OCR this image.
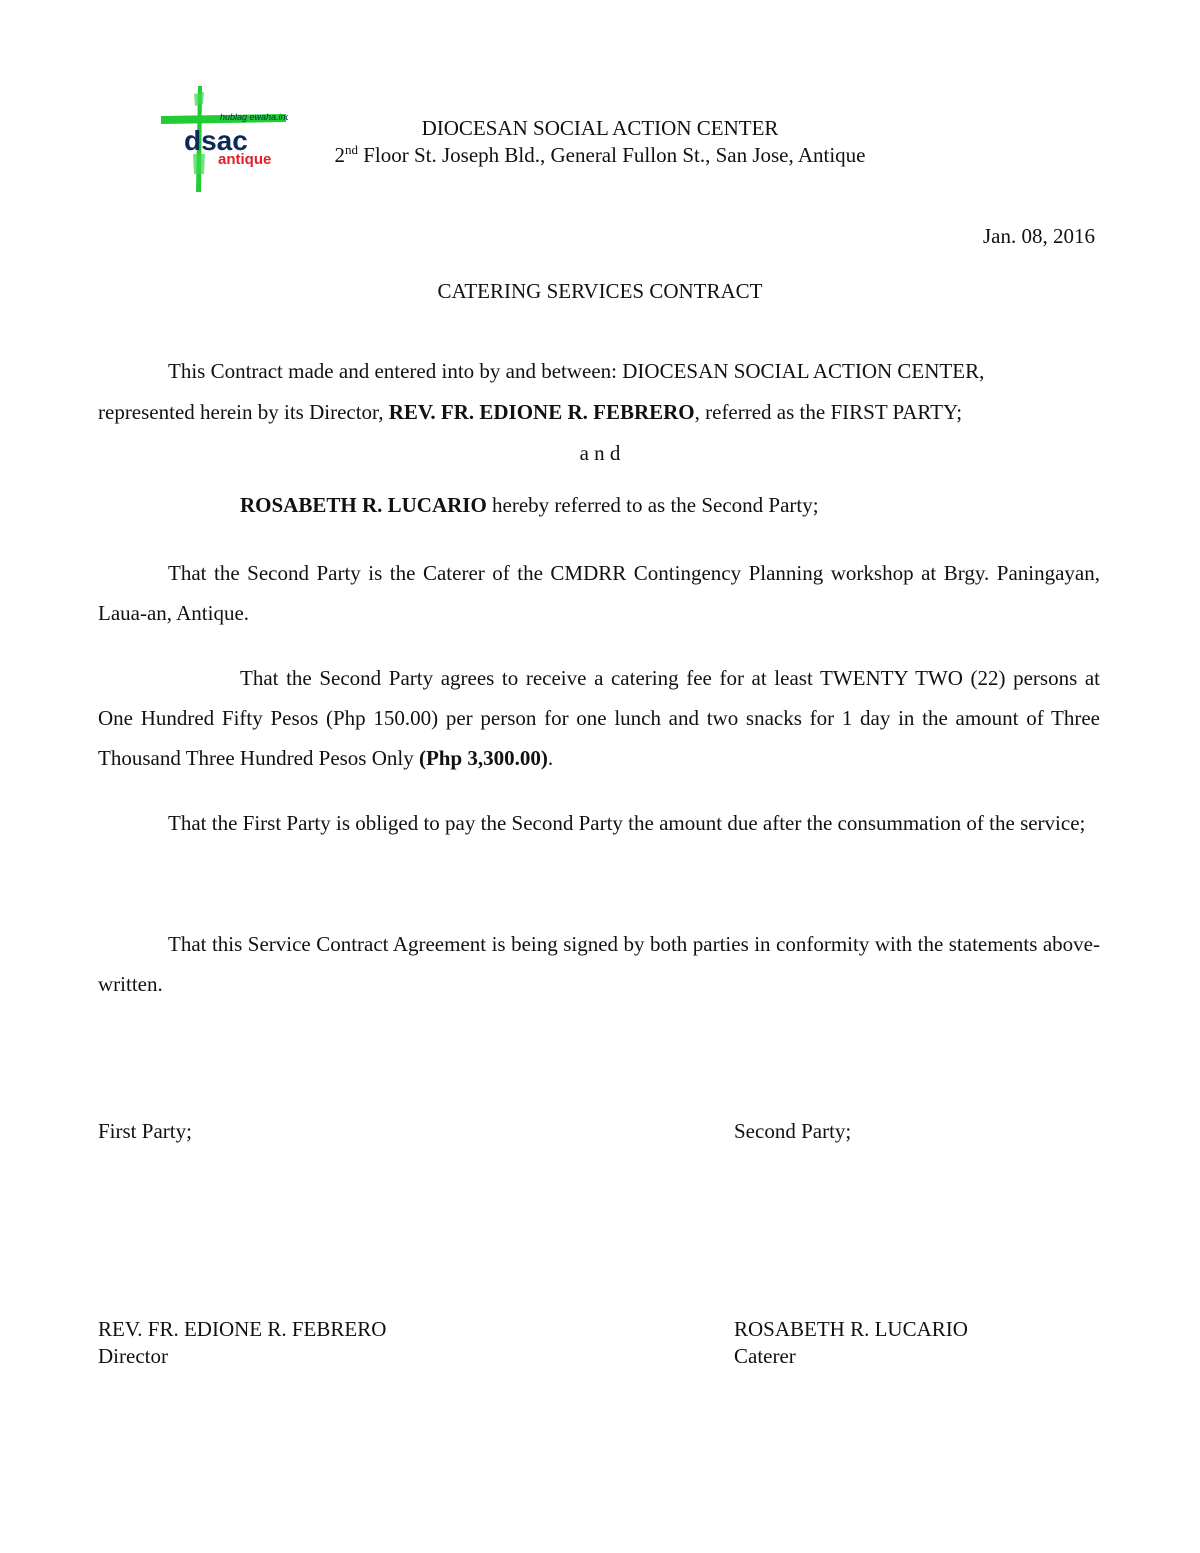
hublag ewaha.inc
dsac
antique
DIOCESAN SOCIAL ACTION CENTER
2nd Floor St. Joseph Bld., General Fullon St., San Jose, Antique
Jan. 08, 2016
CATERING SERVICES CONTRACT
This Contract made and entered into by and between: DIOCESAN SOCIAL ACTION CENTER,
represented herein by its Director, REV. FR. EDIONE R. FEBRERO, referred as the FIRST PARTY;
a n d
ROSABETH R. LUCARIO hereby referred to as the Second Party;

That the Second Party is the Caterer of the CMDRR Contingency Planning workshop at Brgy. Paningayan, Laua-an, Antique.

That the Second Party agrees to receive a catering fee for at least TWENTY TWO (22) persons at One Hundred Fifty Pesos (Php 150.00) per person for one lunch and two snacks for 1 day in the amount of Three Thousand Three Hundred Pesos Only (Php 3,300.00).

That the First Party is obliged to pay the Second Party the amount due after the consummation of the service;

That this Service Contract Agreement is being signed by both parties in conformity with the statements above-written.

First Party;	Second Party;
REV. FR. EDIONE R. FEBRERO
Director
ROSABETH R. LUCARIO
Caterer
